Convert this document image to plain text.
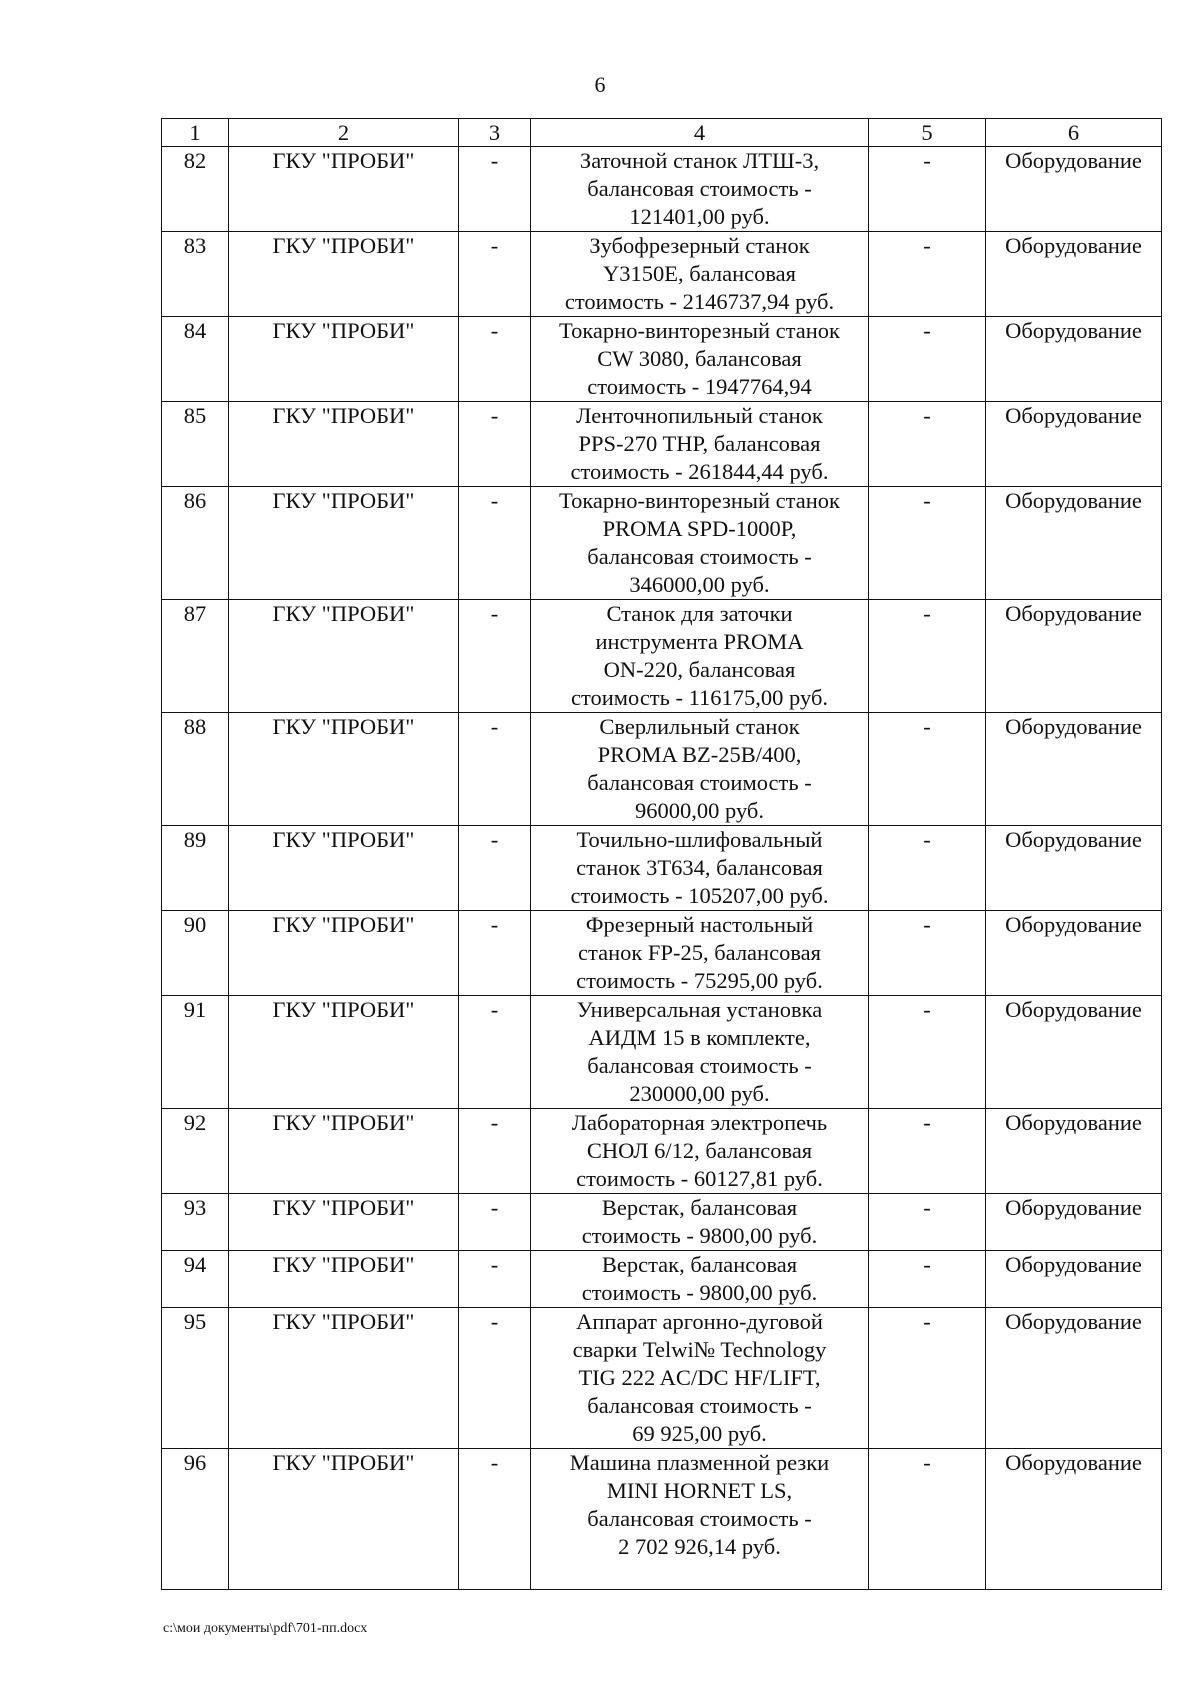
6
1	2	3	4	5	6
82	ГКУ "ПРОБИ"	-	Заточной станок ЛТШ-3,
балансовая стоимость -
121401,00 руб.	-	Оборудование
83	ГКУ "ПРОБИ"	-	Зубофрезерный станок
Y3150E, балансовая
стоимость - 2146737,94 руб.	-	Оборудование
84	ГКУ "ПРОБИ"	-	Токарно-винторезный станок
CW 3080, балансовая
стоимость - 1947764,94	-	Оборудование
85	ГКУ "ПРОБИ"	-	Ленточнопильный станок
PPS-270 THP, балансовая
стоимость - 261844,44 руб.	-	Оборудование
86	ГКУ "ПРОБИ"	-	Токарно-винторезный станок
PROMA SPD-1000P,
балансовая стоимость -
346000,00 руб.	-	Оборудование
87	ГКУ "ПРОБИ"	-	Станок для заточки
инструмента PROMA
ON-220, балансовая
стоимость - 116175,00 руб.	-	Оборудование
88	ГКУ "ПРОБИ"	-	Сверлильный станок
PROMA BZ-25B/400,
балансовая стоимость -
96000,00 руб.	-	Оборудование
89	ГКУ "ПРОБИ"	-	Точильно-шлифовальный
станок 3Т634, балансовая
стоимость - 105207,00 руб.	-	Оборудование
90	ГКУ "ПРОБИ"	-	Фрезерный настольный
станок FP-25, балансовая
стоимость - 75295,00 руб.	-	Оборудование
91	ГКУ "ПРОБИ"	-	Универсальная установка
АИДМ 15 в комплекте,
балансовая стоимость -
230000,00 руб.	-	Оборудование
92	ГКУ "ПРОБИ"	-	Лабораторная электропечь
СНОЛ 6/12, балансовая
стоимость - 60127,81 руб.	-	Оборудование
93	ГКУ "ПРОБИ"	-	Верстак, балансовая
стоимость - 9800,00 руб.	-	Оборудование
94	ГКУ "ПРОБИ"	-	Верстак, балансовая
стоимость - 9800,00 руб.	-	Оборудование
95	ГКУ "ПРОБИ"	-	Аппарат аргонно-дуговой
сварки Telwi№ Technology
TIG 222 AC/DC HF/LIFT,
балансовая стоимость -
69 925,00 руб.	-	Оборудование
96	ГКУ "ПРОБИ"	-	Машина плазменной резки
MINI HORNET LS,
балансовая стоимость -
2 702 926,14 руб.	-	Оборудование
c:\мои документы\pdf\701-пп.docx
